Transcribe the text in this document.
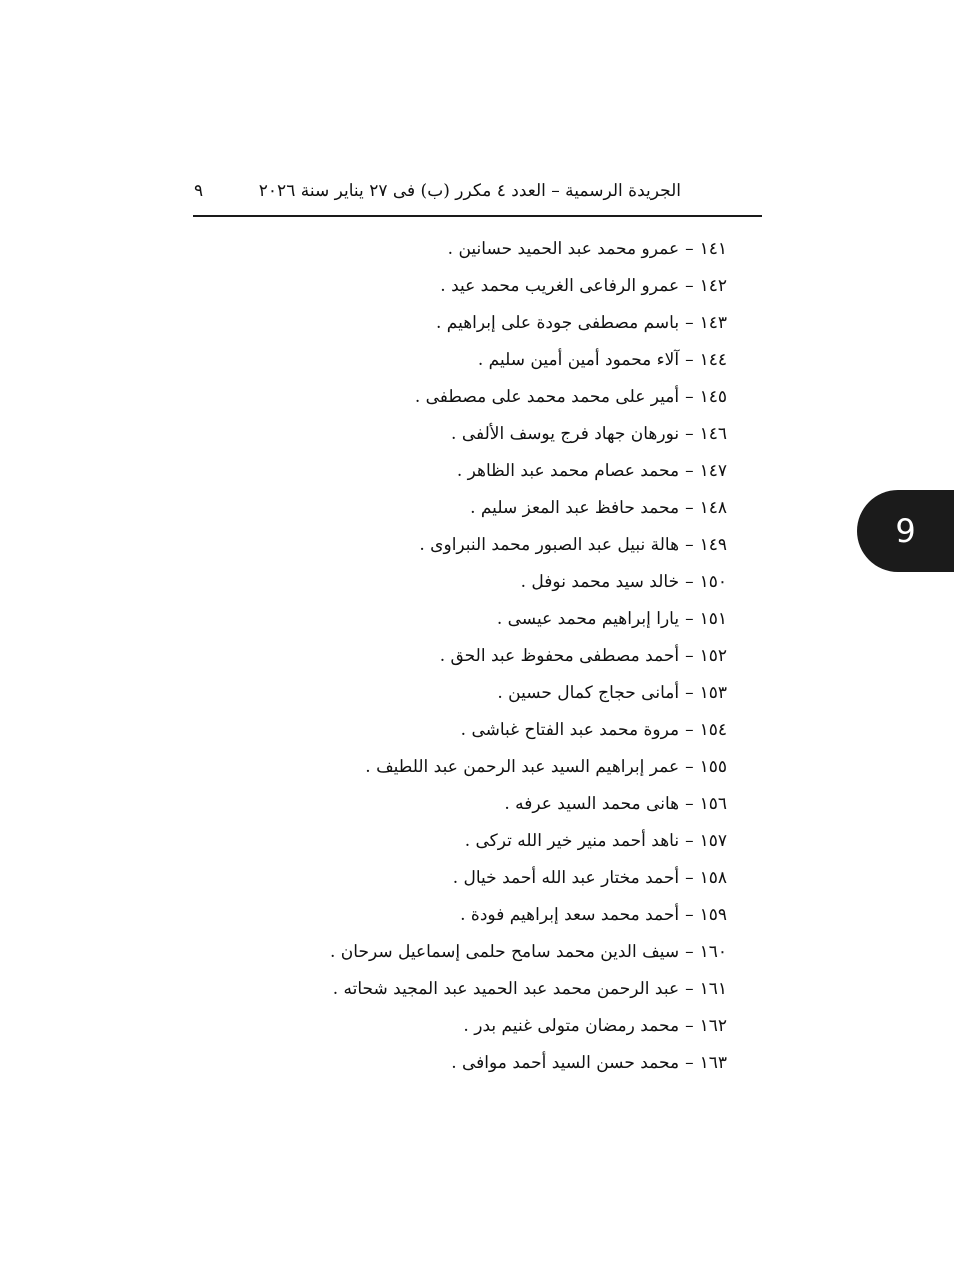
الجريدة الرسمية – العدد ٤ مكرر (ب) فى ٢٧ يناير سنة ٢٠٢٦
٩
١٤١
–
عمرو محمد عبد الحميد حسانين .
١٤٢
–
عمرو الرفاعى الغريب محمد عيد .
١٤٣
–
باسم مصطفى جودة على إبراهيم .
١٤٤
–
آلاء محمود أمين أمين سليم .
١٤٥
–
أمير على محمد محمد على مصطفى .
١٤٦
–
نورهان جهاد فرج يوسف الألفى .
١٤٧
–
محمد عصام محمد عبد الظاهر .
١٤٨
–
محمد حافظ عبد المعز سليم .
١٤٩
–
هالة نبيل عبد الصبور محمد النبراوى .
١٥٠
–
خالد سيد محمد نوفل .
١٥١
–
يارا إبراهيم محمد عيسى .
١٥٢
–
أحمد مصطفى محفوظ عبد الحق .
١٥٣
–
أمانى حجاج كمال حسين .
١٥٤
–
مروة محمد عبد الفتاح غباشى .
١٥٥
–
عمر إبراهيم السيد عبد الرحمن عبد اللطيف .
١٥٦
–
هانى محمد السيد عرفه .
١٥٧
–
ناهد أحمد منير خير الله تركى .
١٥٨
–
أحمد مختار عبد الله أحمد خيال .
١٥٩
–
أحمد محمد سعد إبراهيم فودة .
١٦٠
–
سيف الدين محمد سامح حلمى إسماعيل سرحان .
١٦١
–
عبد الرحمن محمد عبد الحميد عبد المجيد شحاته .
١٦٢
–
محمد رمضان متولى غنيم بدر .
١٦٣
–
محمد حسن السيد أحمد موافى .
9
